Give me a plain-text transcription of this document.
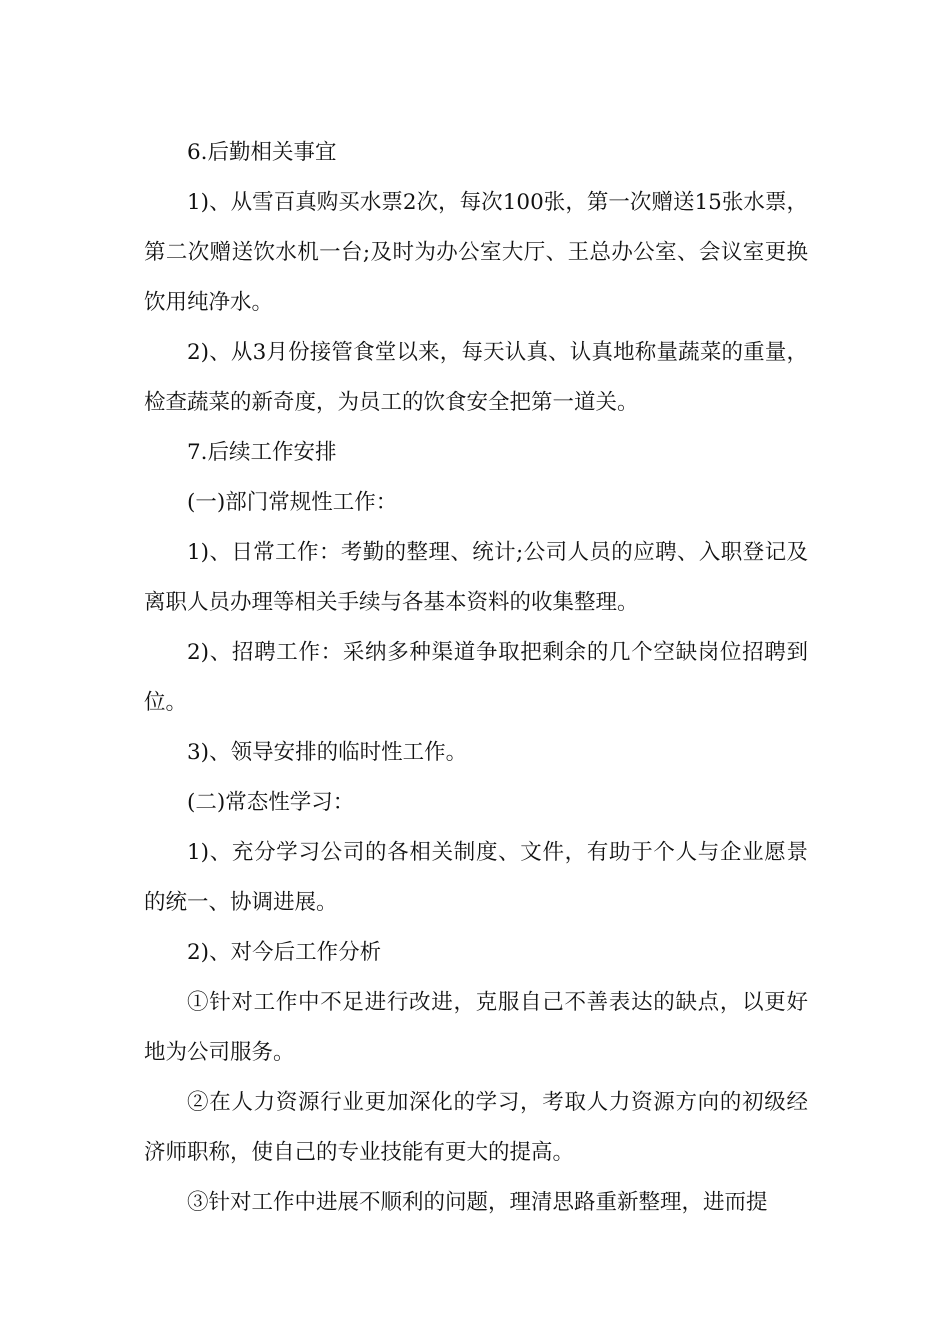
6.后勤相关事宜

1)、从雪百真购买水票2次，每次100张，第一次赠送15张水票，第二次赠送饮水机一台;及时为办公室大厅、王总办公室、会议室更换饮用纯净水。

2)、从3月份接管食堂以来，每天认真、认真地称量蔬菜的重量，检查蔬菜的新奇度，为员工的饮食安全把第一道关。

7.后续工作安排

(一)部门常规性工作：

1)、日常工作：考勤的整理、统计;公司人员的应聘、入职登记及离职人员办理等相关手续与各基本资料的收集整理。

2)、招聘工作：采纳多种渠道争取把剩余的几个空缺岗位招聘到位。

3)、领导安排的临时性工作。

(二)常态性学习：

1)、充分学习公司的各相关制度、文件，有助于个人与企业愿景的统一、协调进展。

2)、对今后工作分析

①针对工作中不足进行改进，克服自己不善表达的缺点，以更好地为公司服务。

②在人力资源行业更加深化的学习，考取人力资源方向的初级经济师职称，使自己的专业技能有更大的提高。

③针对工作中进展不顺利的问题，理清思路重新整理，进而提
